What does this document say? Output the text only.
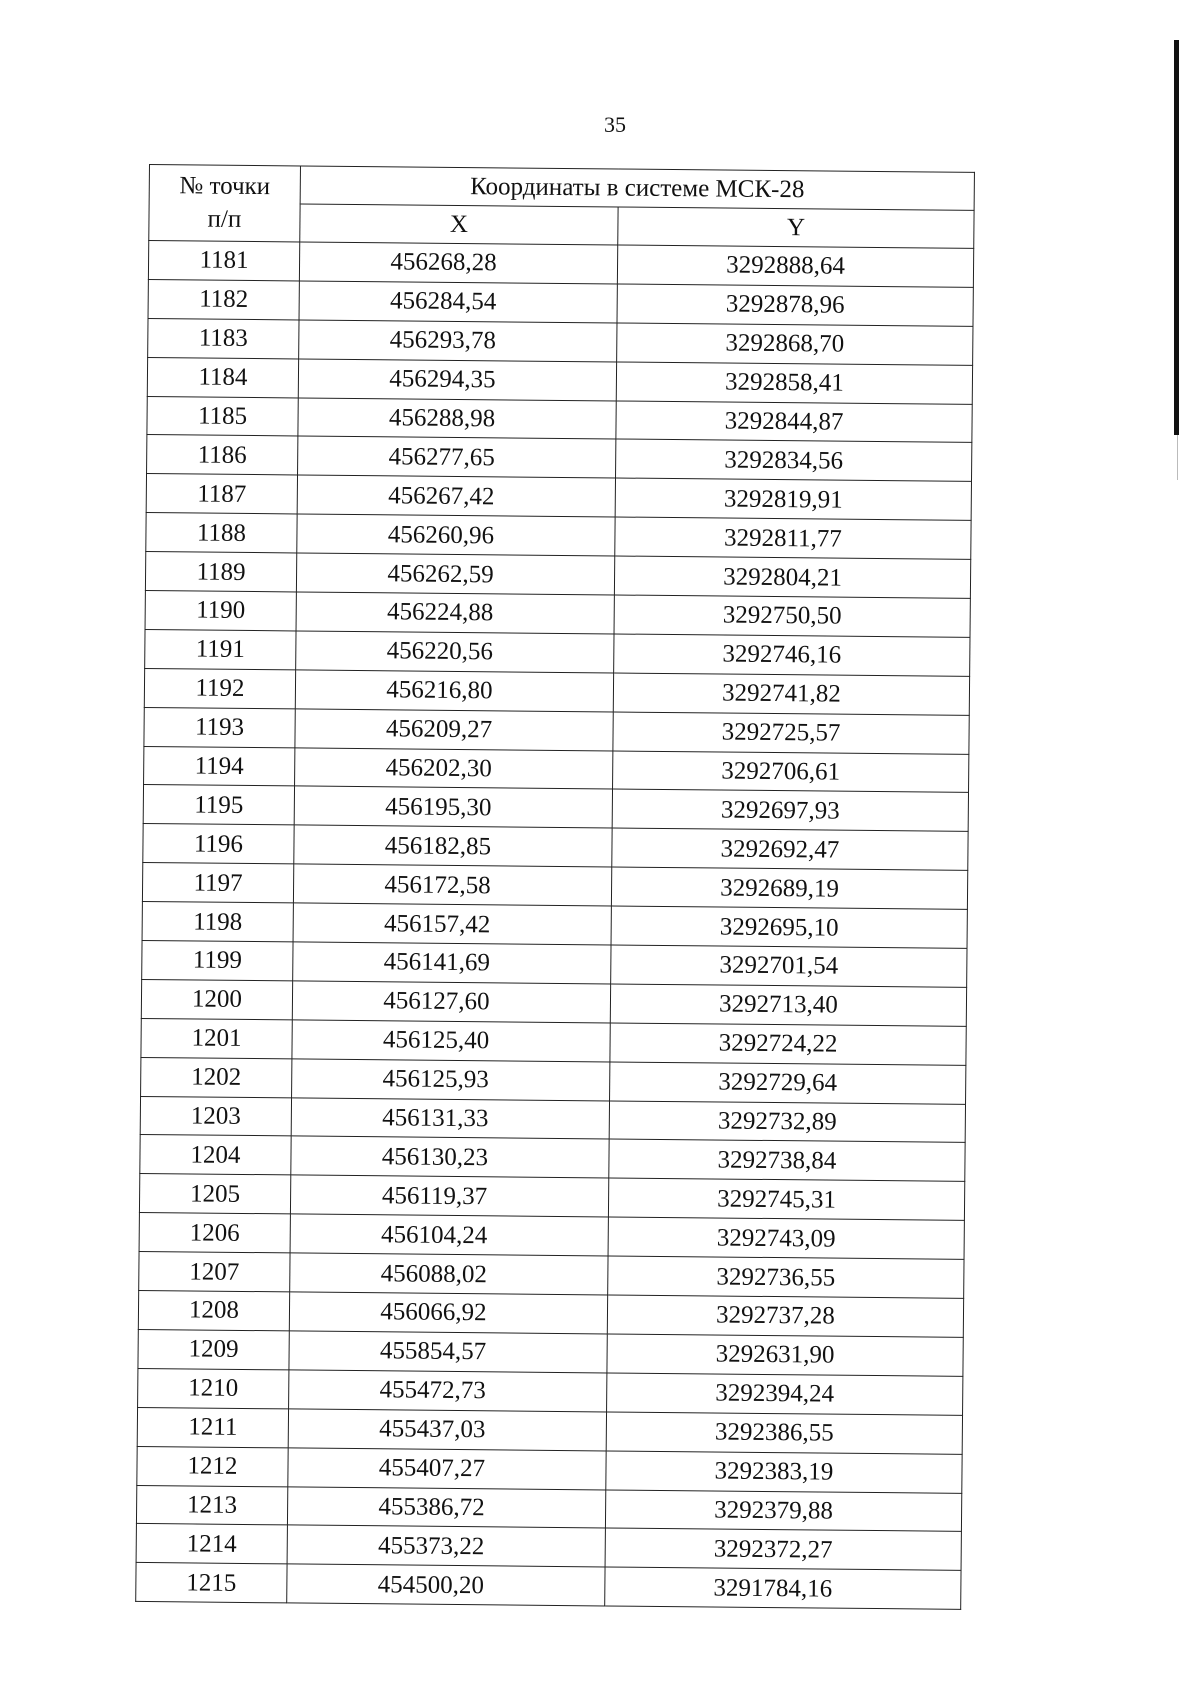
35
№ точки
п/п	Координаты в системе МСК-28	
	X	Y
1181	456268,28	3292888,64
1182	456284,54	3292878,96
1183	456293,78	3292868,70
1184	456294,35	3292858,41
1185	456288,98	3292844,87
1186	456277,65	3292834,56
1187	456267,42	3292819,91
1188	456260,96	3292811,77
1189	456262,59	3292804,21
1190	456224,88	3292750,50
1191	456220,56	3292746,16
1192	456216,80	3292741,82
1193	456209,27	3292725,57
1194	456202,30	3292706,61
1195	456195,30	3292697,93
1196	456182,85	3292692,47
1197	456172,58	3292689,19
1198	456157,42	3292695,10
1199	456141,69	3292701,54
1200	456127,60	3292713,40
1201	456125,40	3292724,22
1202	456125,93	3292729,64
1203	456131,33	3292732,89
1204	456130,23	3292738,84
1205	456119,37	3292745,31
1206	456104,24	3292743,09
1207	456088,02	3292736,55
1208	456066,92	3292737,28
1209	455854,57	3292631,90
1210	455472,73	3292394,24
1211	455437,03	3292386,55
1212	455407,27	3292383,19
1213	455386,72	3292379,88
1214	455373,22	3292372,27
1215	454500,20	3291784,16
